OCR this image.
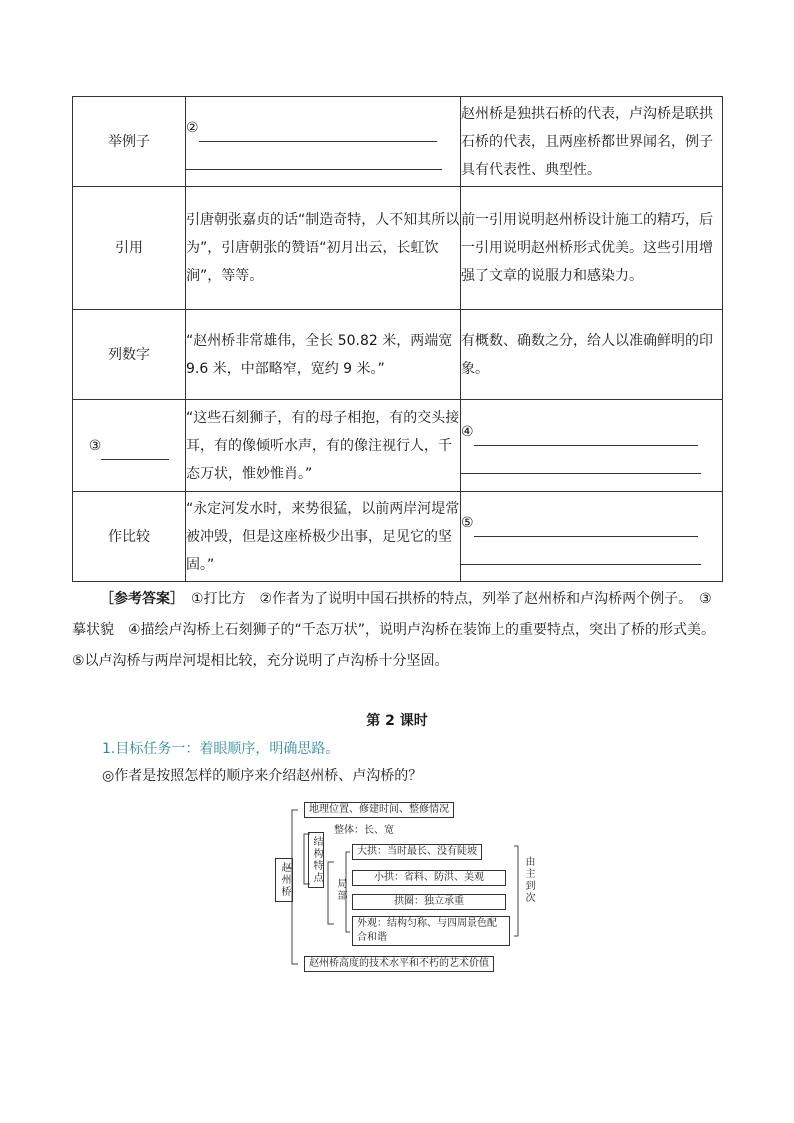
举例子	②	赵州桥是独拱石桥的代表，卢沟桥是联拱石桥的代表，且两座桥都世界闻名，例子具有代表性、典型性。
引用	引唐朝张嘉贞的话“制造奇特，人不知其所以为”，引唐朝张的赞语“初月出云，长虹饮涧”，等等。	前一引用说明赵州桥设计施工的精巧，后一引用说明赵州桥形式优美。这些引用增强了文章的说服力和感染力。
列数字	“赵州桥非常雄伟，全长 50.82 米，两端宽 9.6 米，中部略窄，宽约 9 米。”	有概数、确数之分，给人以准确鲜明的印象。

③	“这些石刻狮子，有的母子相抱，有的交头接耳，有的像倾听水声，有的像注视行人，千态万状，惟妙惟肖。”	④

作比较	“永定河发水时，来势很猛，以前两岸河堤常被冲毁，但是这座桥极少出事，足见它的坚固。”	⑤
［参考答案］　①打比方　②作者为了说明中国石拱桥的特点，列举了赵州桥和卢沟桥两个例子。　③摹状貌　④描绘卢沟桥上石刻狮子的“千态万状”，说明卢沟桥在装饰上的重要特点，突出了桥的形式美。　⑤以卢沟桥与两岸河堤相比较，充分说明了卢沟桥十分坚固。
第 2 课时
1.目标任务一：着眼顺序，明确思路。
◎作者是按照怎样的顺序来介绍赵州桥、卢沟桥的？
地理位置、修建时间、整修情况
赵州桥	结构特点
整体：长、宽
局部
大拱：当时最长、没有陡坡
小拱：省料、防洪、美观
拱圈：独立承重
外观：结构匀称、与四周景色配合和谐
由主到次
赵州桥高度的技术水平和不朽的艺术价值
